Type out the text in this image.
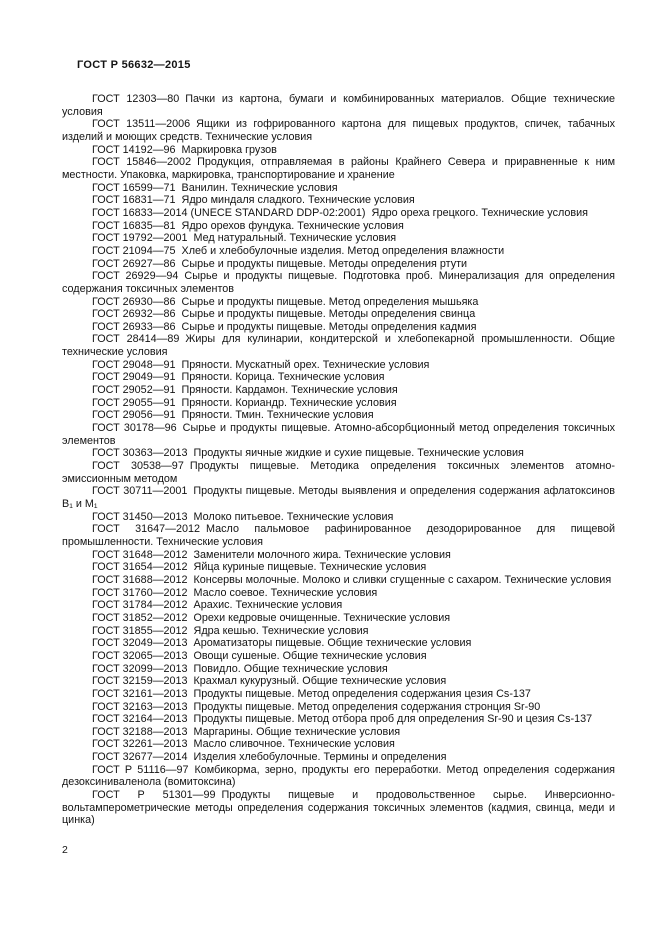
ГОСТ Р 56632—2015

ГОСТ 12303—80 Пачки из картона, бумаги и комбинированных материалов. Общие технические условия

ГОСТ 13511—2006 Ящики из гофрированного картона для пищевых продуктов, спичек, табачных изделий и моющих средств. Технические условия

ГОСТ 14192—96 Маркировка грузов

ГОСТ 15846—2002 Продукция, отправляемая в районы Крайнего Севера и приравненные к ним местности. Упаковка, маркировка, транспортирование и хранение

ГОСТ 16599—71 Ванилин. Технические условия

ГОСТ 16831—71 Ядро миндаля сладкого. Технические условия

ГОСТ 16833—2014 (UNECE STANDARD DDP-02:2001) Ядро ореха грецкого. Технические условия

ГОСТ 16835—81 Ядро орехов фундука. Технические условия

ГОСТ 19792—2001 Мед натуральный. Технические условия

ГОСТ 21094—75 Хлеб и хлебобулочные изделия. Метод определения влажности

ГОСТ 26927—86 Сырье и продукты пищевые. Методы определения ртути

ГОСТ 26929—94 Сырье и продукты пищевые. Подготовка проб. Минерализация для определения содержания токсичных элементов

ГОСТ 26930—86 Сырье и продукты пищевые. Метод определения мышьяка

ГОСТ 26932—86 Сырье и продукты пищевые. Методы определения свинца

ГОСТ 26933—86 Сырье и продукты пищевые. Методы определения кадмия

ГОСТ 28414—89 Жиры для кулинарии, кондитерской и хлебопекарной промышленности. Общие технические условия

ГОСТ 29048—91 Пряности. Мускатный орех. Технические условия

ГОСТ 29049—91 Пряности. Корица. Технические условия

ГОСТ 29052—91 Пряности. Кардамон. Технические условия

ГОСТ 29055—91 Пряности. Кориандр. Технические условия

ГОСТ 29056—91 Пряности. Тмин. Технические условия

ГОСТ 30178—96 Сырье и продукты пищевые. Атомно-абсорбционный метод определения токсичных элементов

ГОСТ 30363—2013 Продукты яичные жидкие и сухие пищевые. Технические условия

ГОСТ 30538—97 Продукты пищевые. Методика определения токсичных элементов атомно-эмиссионным методом

ГОСТ 30711—2001 Продукты пищевые. Методы выявления и определения содержания афлатоксинов В₁ и М₁

ГОСТ 31450—2013 Молоко питьевое. Технические условия

ГОСТ 31647—2012 Масло пальмовое рафинированное дезодорированное для пищевой промышленности. Технические условия

ГОСТ 31648—2012 Заменители молочного жира. Технические условия

ГОСТ 31654—2012 Яйца куриные пищевые. Технические условия

ГОСТ 31688—2012 Консервы молочные. Молоко и сливки сгущенные с сахаром. Технические условия

ГОСТ 31760—2012 Масло соевое. Технические условия

ГОСТ 31784—2012 Арахис. Технические условия

ГОСТ 31852—2012 Орехи кедровые очищенные. Технические условия

ГОСТ 31855—2012 Ядра кешью. Технические условия

ГОСТ 32049—2013 Ароматизаторы пищевые. Общие технические условия

ГОСТ 32065—2013 Овощи сушеные. Общие технические условия

ГОСТ 32099—2013 Повидло. Общие технические условия

ГОСТ 32159—2013 Крахмал кукурузный. Общие технические условия

ГОСТ 32161—2013 Продукты пищевые. Метод определения содержания цезия Cs-137

ГОСТ 32163—2013 Продукты пищевые. Метод определения содержания стронция Sr-90

ГОСТ 32164—2013 Продукты пищевые. Метод отбора проб для определения Sr-90 и цезия Cs-137

ГОСТ 32188—2013 Маргарины. Общие технические условия

ГОСТ 32261—2013 Масло сливочное. Технические условия

ГОСТ 32677—2014 Изделия хлебобулочные. Термины и определения

ГОСТ Р 51116—97 Комбикорма, зерно, продукты его переработки. Метод определения содержания дезоксиниваленола (вомитоксина)

ГОСТ Р 51301—99 Продукты пищевые и продовольственное сырье. Инверсионно-вольтамперометрические методы определения содержания токсичных элементов (кадмия, свинца, меди и цинка)

2
